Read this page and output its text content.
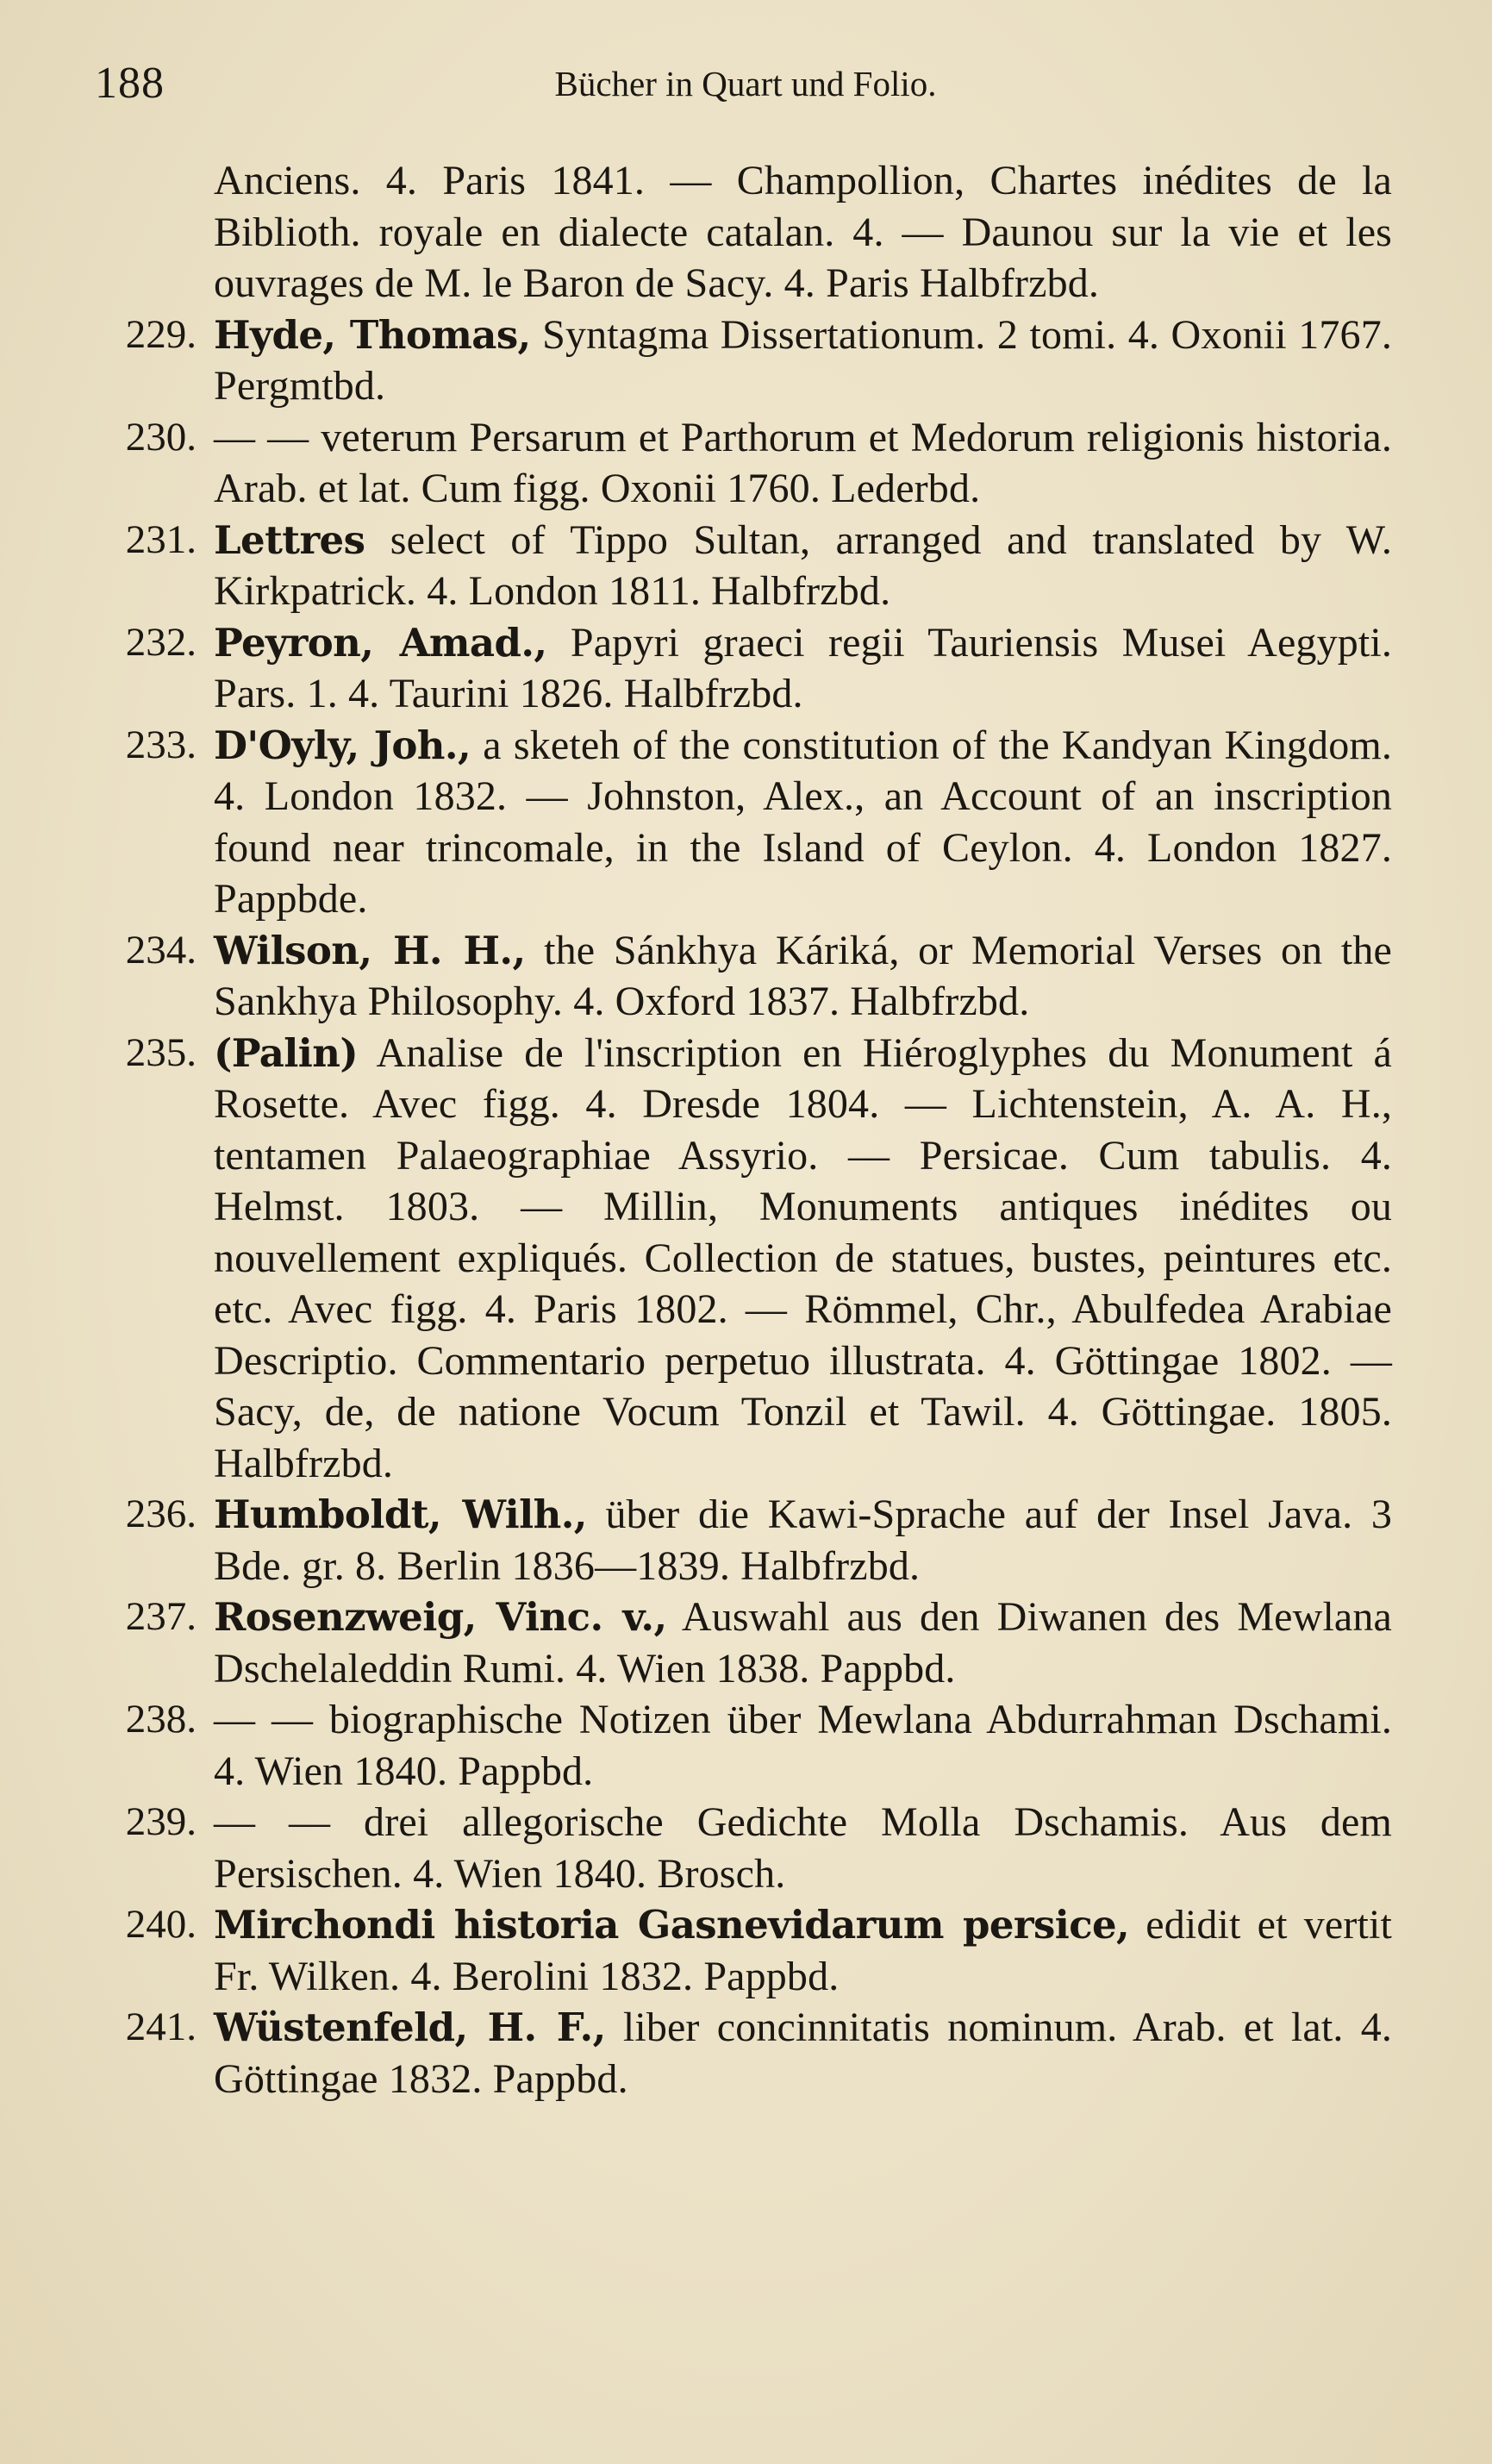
188	Bücher in Quart und Folio.
Anciens. 4. Paris 1841. — Champollion, Chartes inédites de la Biblioth. royale en dialecte catalan. 4. — Daunou sur la vie et les ouvrages de M. le Baron de Sacy. 4. Paris Halbfrzbd.
229. Hyde, Thomas, Syntagma Dissertationum. 2 tomi. 4. Oxonii 1767. Pergmtbd.
230. — — veterum Persarum et Parthorum et Medorum religionis historia. Arab. et lat. Cum figg. Oxonii 1760. Lederbd.
231. Lettres select of Tippo Sultan, arranged and translated by W. Kirkpatrick. 4. London 1811. Halbfrzbd.
232. Peyron, Amad., Papyri graeci regii Tauriensis Musei Aegypti. Pars. 1. 4. Taurini 1826. Halbfrzbd.
233. D'Oyly, Joh., a sketeh of the constitution of the Kandyan Kingdom. 4. London 1832. — Johnston, Alex., an Account of an inscription found near trincomale, in the Island of Ceylon. 4. London 1827. Pappbde.
234. Wilson, H. H., the Sánkhya Káriká, or Memorial Verses on the Sankhya Philosophy. 4. Oxford 1837. Halbfrzbd.
235. (Palin) Analise de l'inscription en Hiéroglyphes du Monument á Rosette. Avec figg. 4. Dresde 1804. — Lichtenstein, A. A. H., tentamen Palaeographiae Assyrio. — Persicae. Cum tabulis. 4. Helmst. 1803. — Millin, Monuments antiques inédites ou nouvellement expliqués. Collection de statues, bustes, peintures etc. etc. Avec figg. 4. Paris 1802. — Römmel, Chr., Abulfedea Arabiae Descriptio. Commentario perpetuo illustrata. 4. Göttingae 1802. — Sacy, de, de natione Vocum Tonzil et Tawil. 4. Göttingae. 1805. Halbfrzbd.
236. Humboldt, Wilh., über die Kawi-Sprache auf der Insel Java. 3 Bde. gr. 8. Berlin 1836—1839. Halbfrzbd.
237. Rosenzweig, Vinc. v., Auswahl aus den Diwanen des Mewlana Dschelaleddin Rumi. 4. Wien 1838. Pappbd.
238. — — biographische Notizen über Mewlana Abdurrahman Dschami. 4. Wien 1840. Pappbd.
239. — — drei allegorische Gedichte Molla Dschamis. Aus dem Persischen. 4. Wien 1840. Brosch.
240. Mirchondi historia Gasnevidarum persice, edidit et vertit Fr. Wilken. 4. Berolini 1832. Pappbd.
241. Wüstenfeld, H. F., liber concinnitatis nominum. Arab. et lat. 4. Göttingae 1832. Pappbd.
